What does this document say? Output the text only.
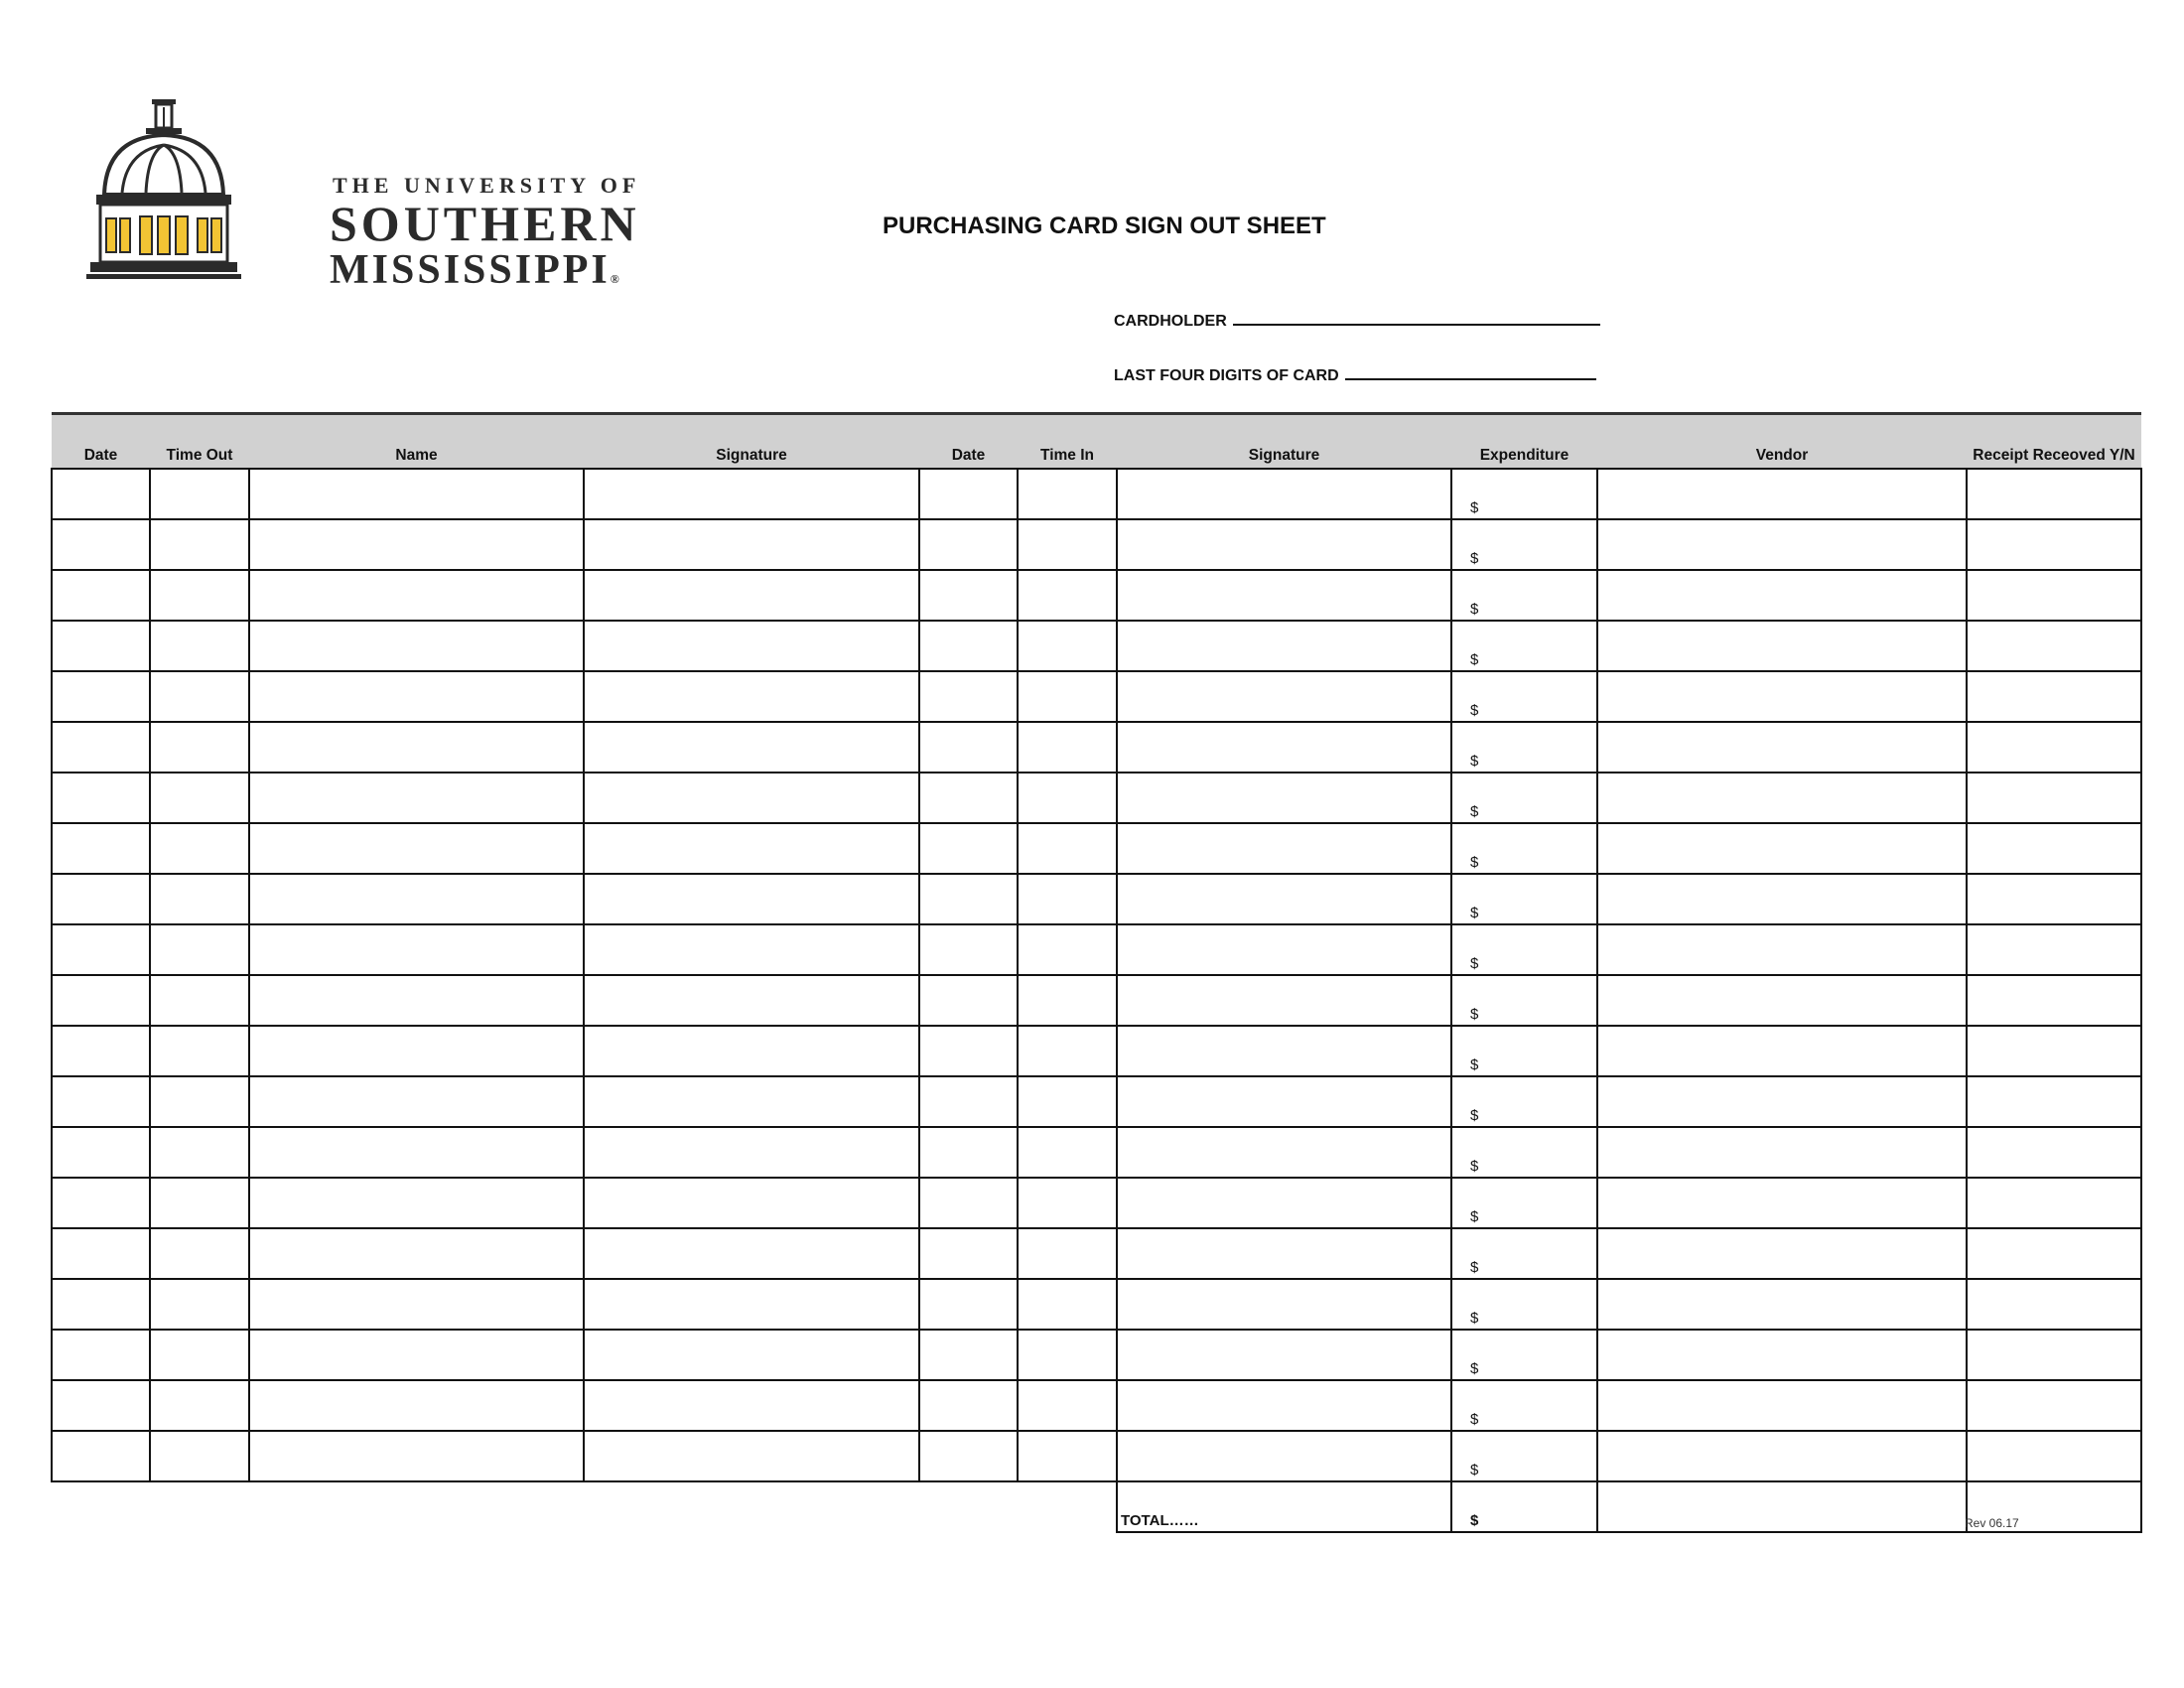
THE UNIVERSITY OF
SOUTHERN
MISSISSIPPI®
PURCHASING CARD SIGN OUT SHEET
CARDHOLDER
LAST FOUR DIGITS OF CARD
Date	Time Out	Name	Signature	Date	Time In	Signature	Expenditure	Vendor	Receipt Receoved Y/N
							$		
							$		
							$		
							$		
							$		
							$		
							$		
							$		
							$		
							$		
							$		
							$		
							$		
							$		
							$		
							$		
							$		
							$		
							$		
							$		
						TOTAL……	$			Rev 06.17
